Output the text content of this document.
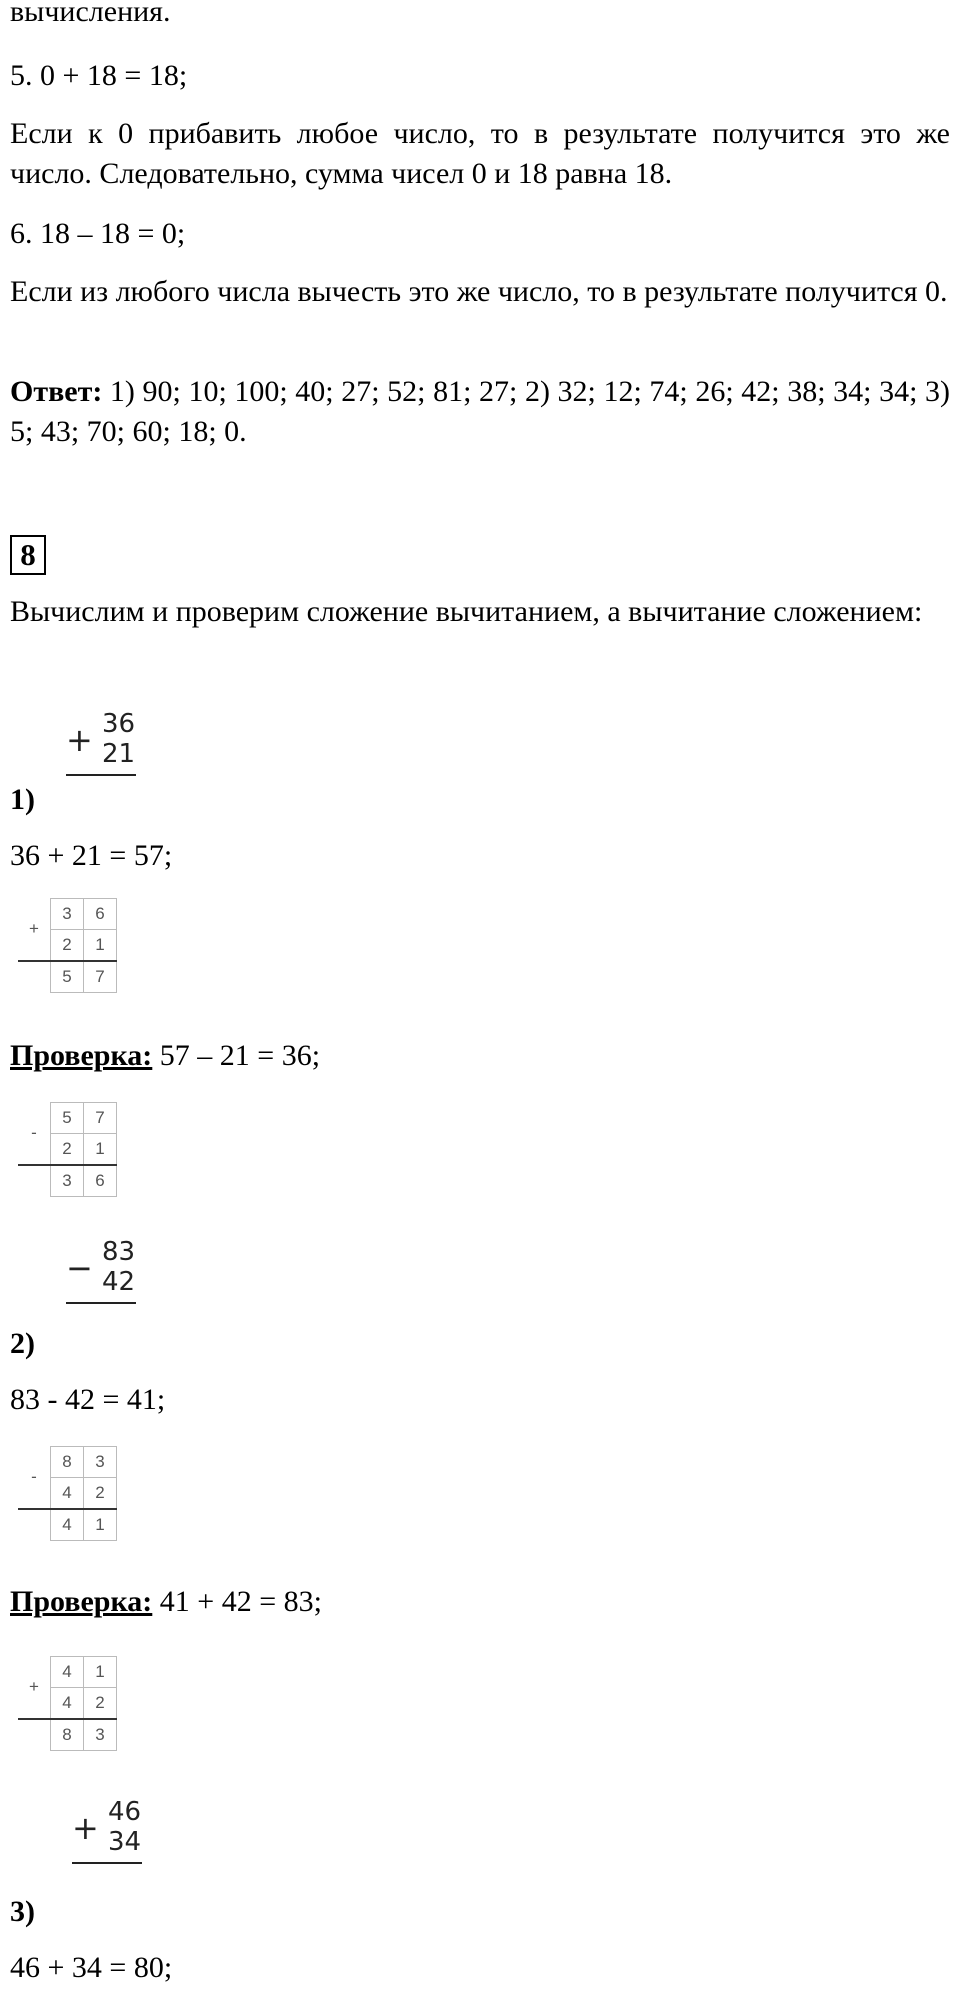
вычисления.

5. 0 + 18 = 18;

Если к 0 прибавить любое число, то в результате получится это же число. Следовательно, сумма чисел 0 и 18 равна 18.

6. 18 – 18 = 0;

Если из любого числа вычесть это же число, то в результате получится 0.

Ответ: 1) 90; 10; 100; 40; 27; 52; 81; 27; 2) 32; 12; 74; 26; 42; 38; 34; 34; 3) 5; 43; 70; 60; 18; 0.

8

Вычислим и проверим сложение вычитанием, а вычитание сложением:

+ 36
21

1)

36 + 21 = 57;

+	3	6
	2	1
	5	7

Проверка: 57 – 21 = 36;

-	5	7
	2	1
	3	6
− 83
42

2)

83 - 42 = 41;

-	8	3
	4	2
	4	1

Проверка: 41 + 42 = 83;

+	4	1
	4	2
	8	3
+ 46
34

3)

46 + 34 = 80;
